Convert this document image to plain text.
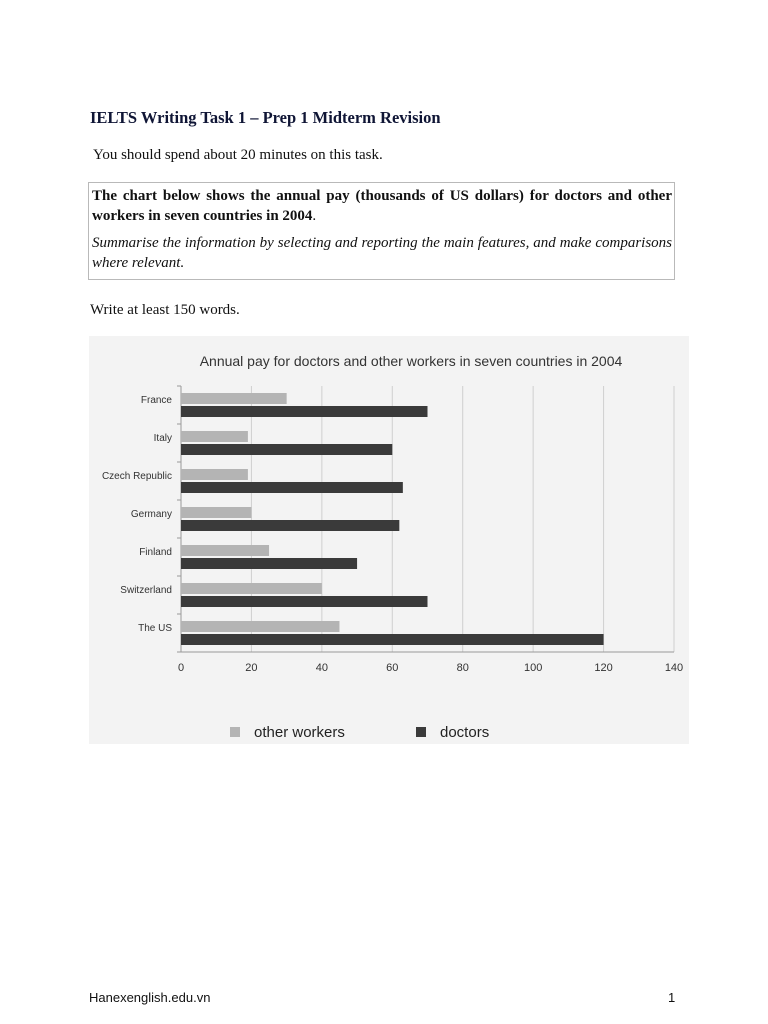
IELTS Writing Task 1 – Prep 1 Midterm Revision
You should spend about 20 minutes on this task.

The chart below shows the annual pay (thousands of US dollars) for doctors and other workers in seven countries in 2004.

Summarise the information by selecting and reporting the main features, and make comparisons where relevant.

Write at least 150 words.
Annual pay for doctors and other workers in seven countries in 2004
0	20	40	60	80	100	120	140
France
Italy
Czech Republic
Germany
Finland
Switzerland
The US
other workers	doctors
Hanexenglish.edu.vn	1
